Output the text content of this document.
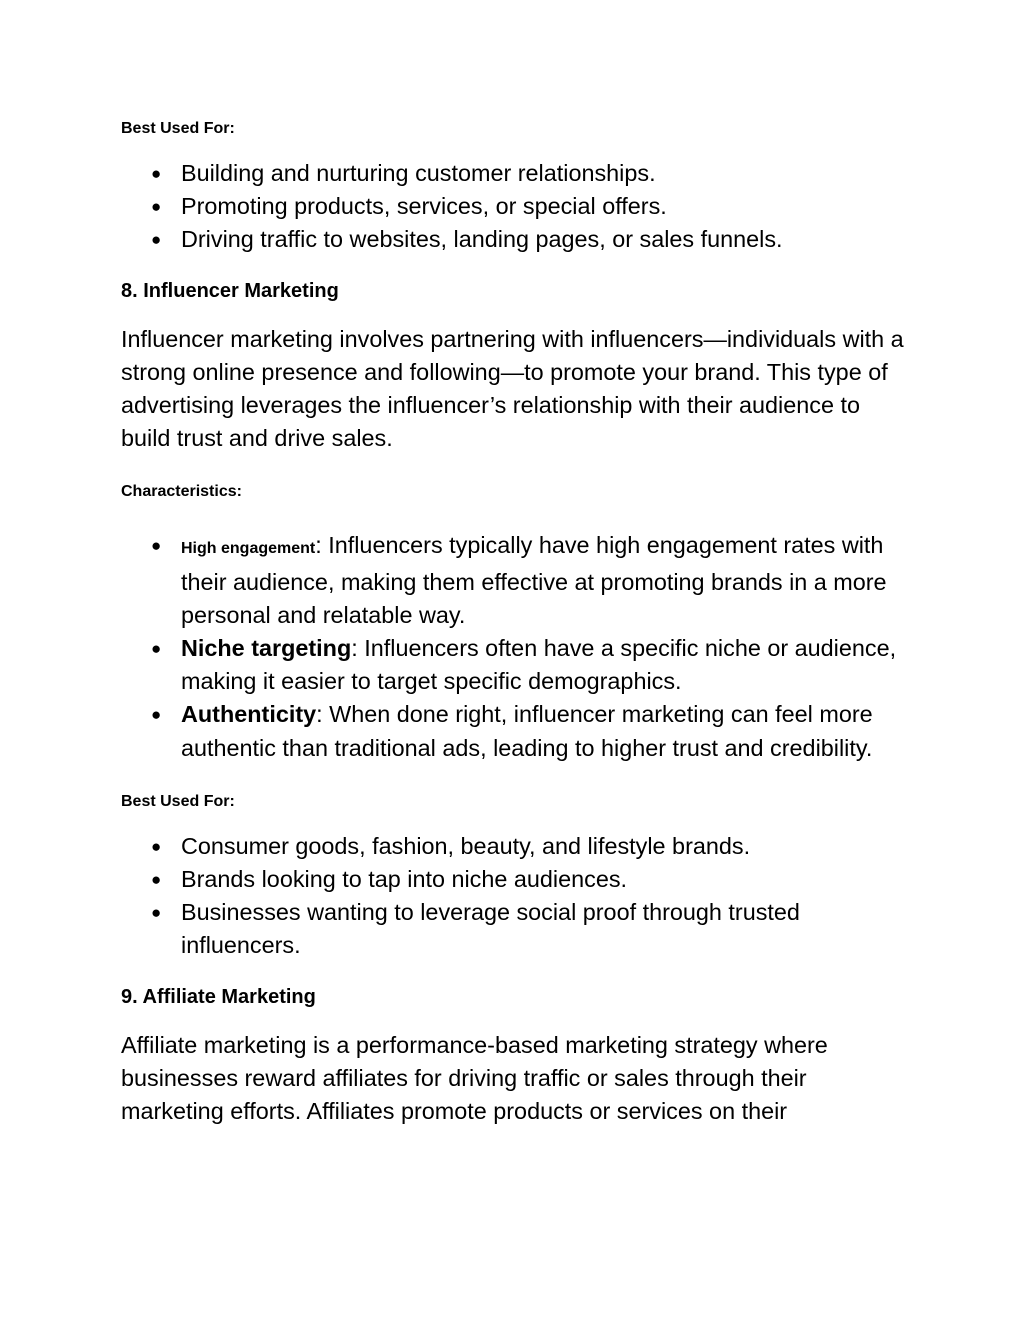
Best Used For:

● Building and nurturing customer relationships.
● Promoting products, services, or special offers.
● Driving traffic to websites, landing pages, or sales funnels.

8. Influencer Marketing

Influencer marketing involves partnering with influencers—individuals with a strong online presence and following—to promote your brand. This type of advertising leverages the influencer’s relationship with their audience to build trust and drive sales.

Characteristics:

● High engagement: Influencers typically have high engagement rates with their audience, making them effective at promoting brands in a more personal and relatable way.
● Niche targeting: Influencers often have a specific niche or audience, making it easier to target specific demographics.
● Authenticity: When done right, influencer marketing can feel more authentic than traditional ads, leading to higher trust and credibility.

Best Used For:

● Consumer goods, fashion, beauty, and lifestyle brands.
● Brands looking to tap into niche audiences.
● Businesses wanting to leverage social proof through trusted influencers.

9. Affiliate Marketing

Affiliate marketing is a performance-based marketing strategy where businesses reward affiliates for driving traffic or sales through their marketing efforts. Affiliates promote products or services on their
